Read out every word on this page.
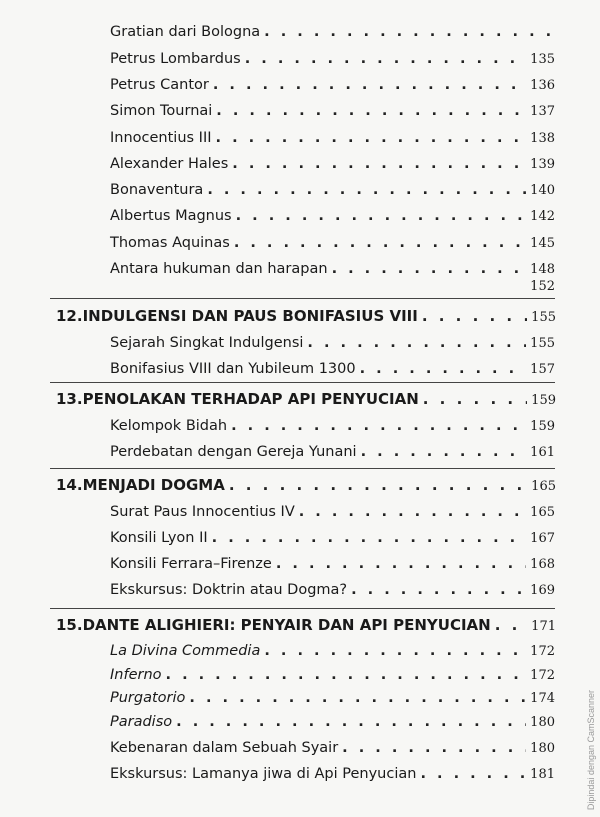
Gratian dari Bologna
. . .
Petrus Lombardus . . .	135
Petrus Cantor . . .	136
Simon Tournai . . .	137
Innocentius III . . .	138
Alexander Hales . . .	139
Bonaventura . . .	140
Albertus Magnus . . .	142
Thomas Aquinas . . .	145
Antara hukuman dan harapan . . .	148
152
12. INDULGENSI DAN PAUS BONIFASIUS VIII . . .	155
Sejarah Singkat Indulgensi . . .	155
Bonifasius VIII dan Yubileum 1300 . . .	157
13. PENOLAKAN TERHADAP API PENYUCIAN . . .	159
Kelompok Bidah . . .	159
Perdebatan dengan Gereja Yunani . . .	161
14. MENJADI DOGMA . . .	165
Surat Paus Innocentius IV . . .	165
Konsili Lyon II . . .	167
Konsili Ferrara–Firenze . . .	168
Ekskursus: Doktrin atau Dogma? . . .	169
15. DANTE ALIGHIERI: PENYAIR DAN API PENYUCIAN . . .	171
La Divina Commedia . . .	172
Inferno . . .	172
Purgatorio . . .	174
Paradiso . . .	180
Kebenaran dalam Sebuah Syair . . .	180
Ekskursus: Lamanya jiwa di Api Penyucian . . .	181	Dipindai dengan CamScanner
